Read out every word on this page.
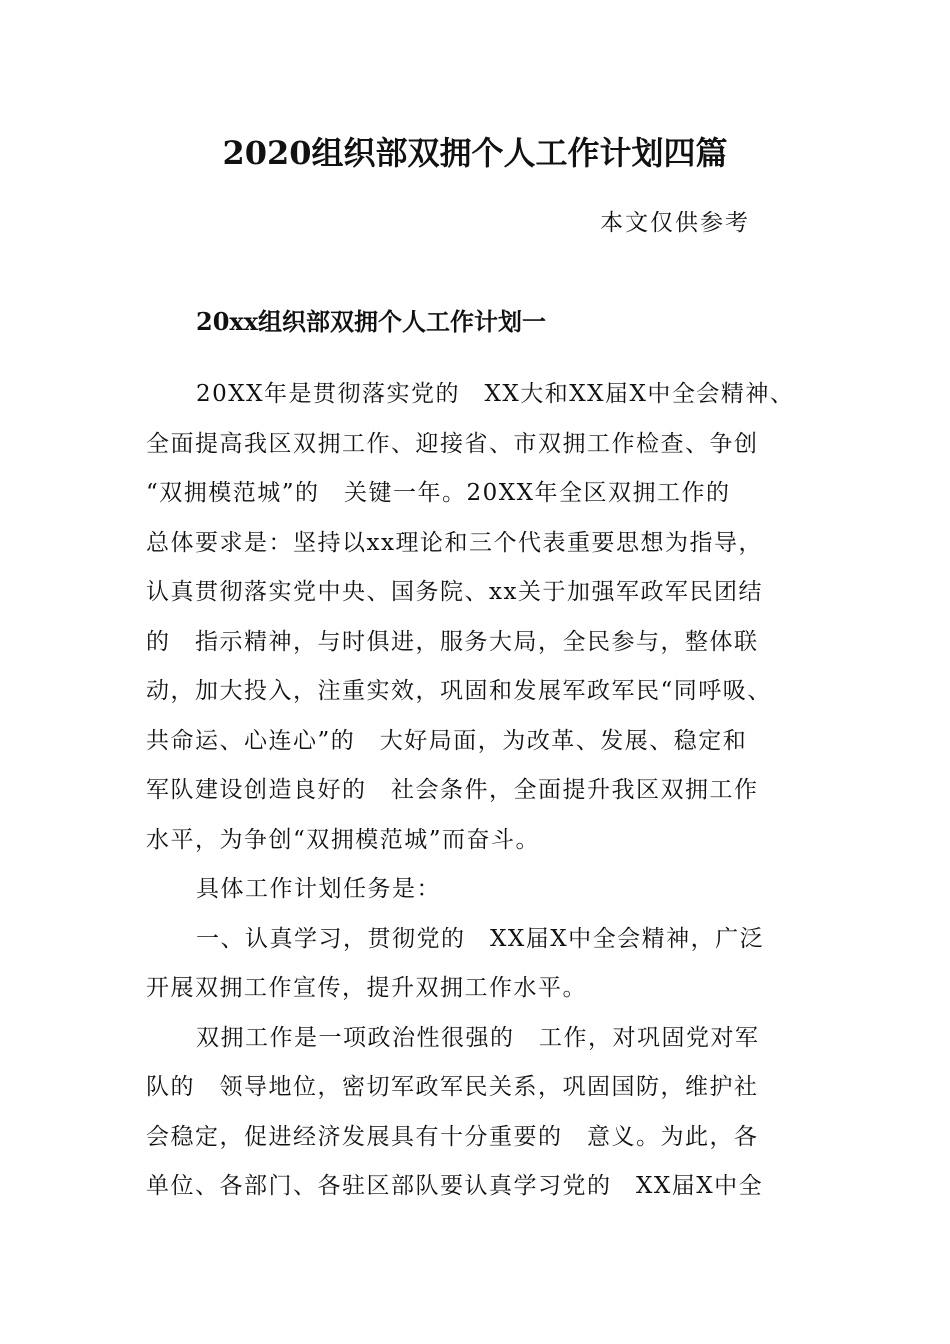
2020组织部双拥个人工作计划四篇
本文仅供参考
20xx组织部双拥个人工作计划一
20XX年是贯彻落实党的　XX大和XX届X中全会精神、
全面提高我区双拥工作、迎接省、市双拥工作检查、争创
“双拥模范城”的　关键一年。20XX年全区双拥工作的
总体要求是：坚持以xx理论和三个代表重要思想为指导，
认真贯彻落实党中央、国务院、xx关于加强军政军民团结
的　指示精神，与时俱进，服务大局，全民参与，整体联
动，加大投入，注重实效，巩固和发展军政军民“同呼吸、
共命运、心连心”的　大好局面，为改革、发展、稳定和
军队建设创造良好的　社会条件，全面提升我区双拥工作
水平，为争创“双拥模范城”而奋斗。
具体工作计划任务是：
一、认真学习，贯彻党的　XX届X中全会精神，广泛
开展双拥工作宣传，提升双拥工作水平。
双拥工作是一项政治性很强的　工作，对巩固党对军
队的　领导地位，密切军政军民关系，巩固国防，维护社
会稳定，促进经济发展具有十分重要的　意义。为此，各
单位、各部门、各驻区部队要认真学习党的　XX届X中全
